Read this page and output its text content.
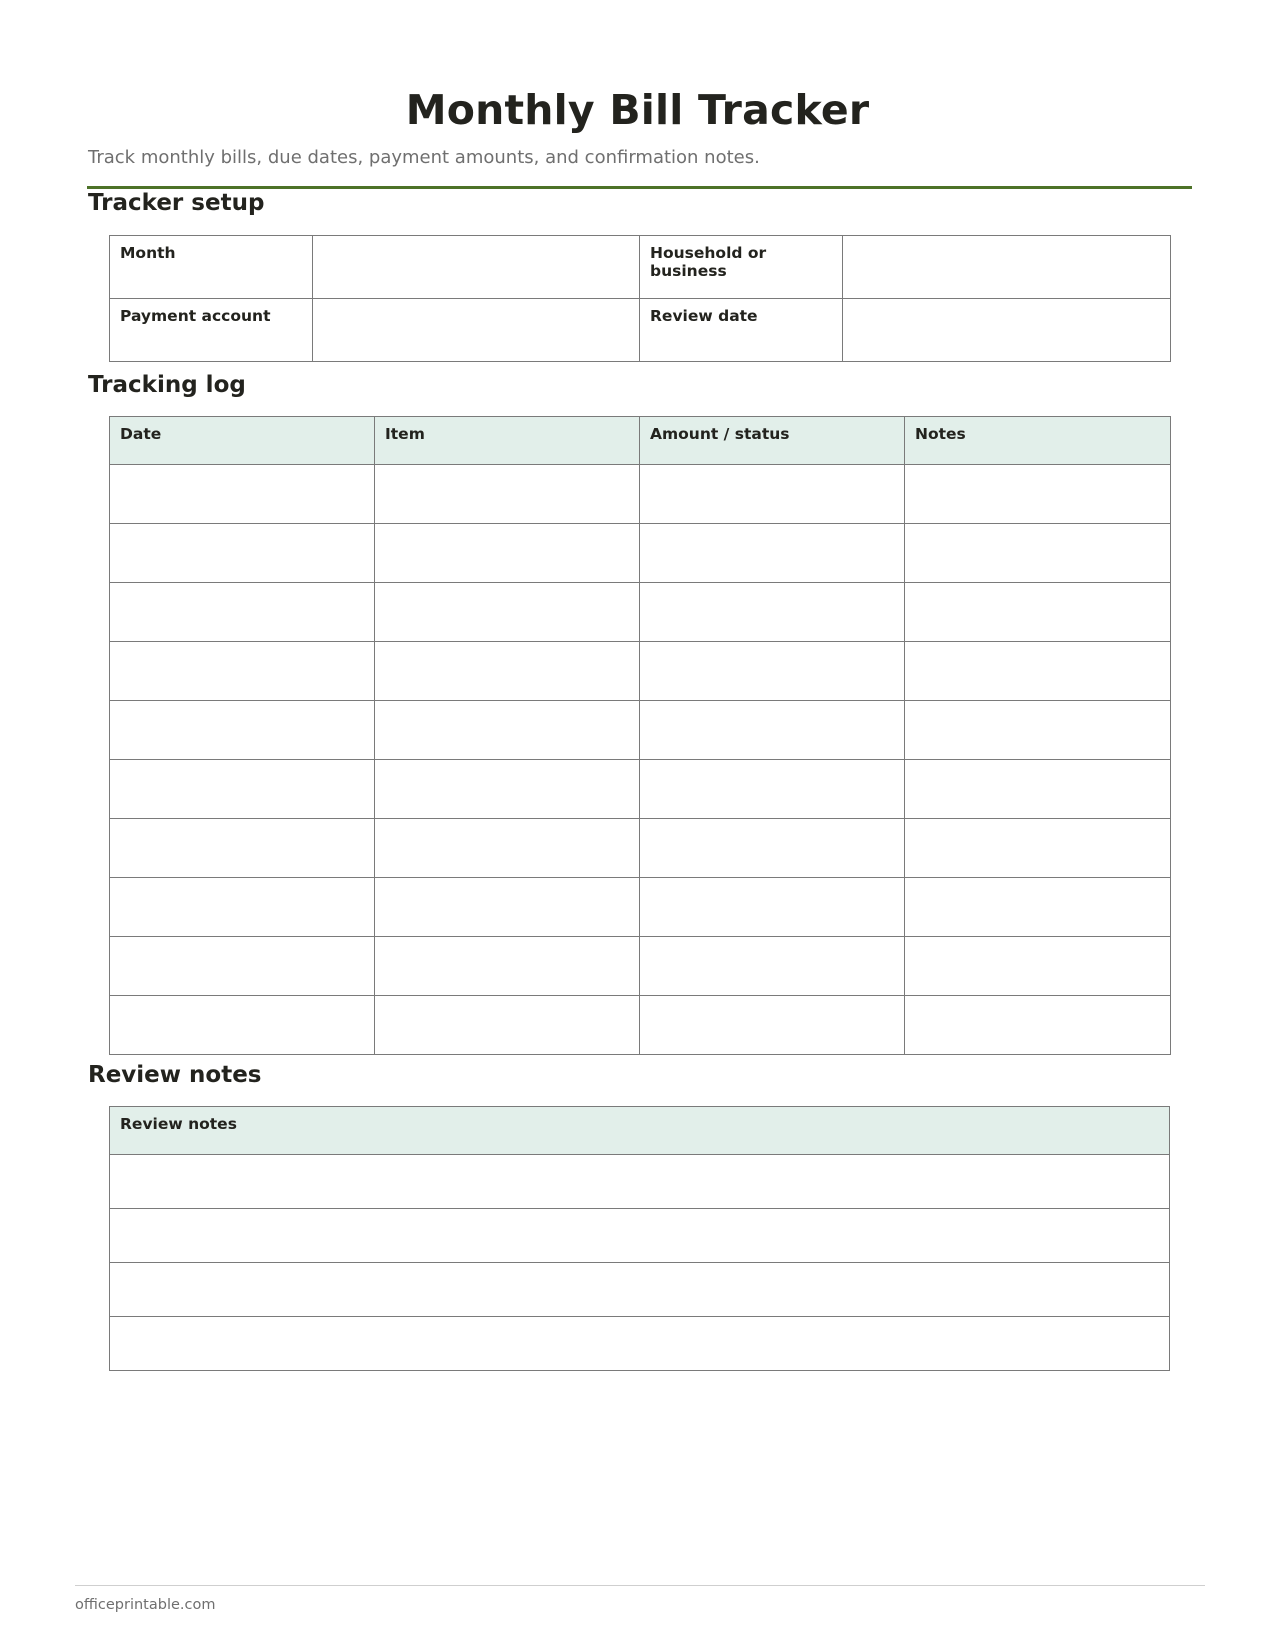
Monthly Bill Tracker

Track monthly bills, due dates, payment amounts, and confirmation notes.

Tracker setup
Month		Household or business	
Payment account		Review date	
Tracking log
Date	Item	Amount / status	Notes

Review notes
Review notes

officeprintable.com
